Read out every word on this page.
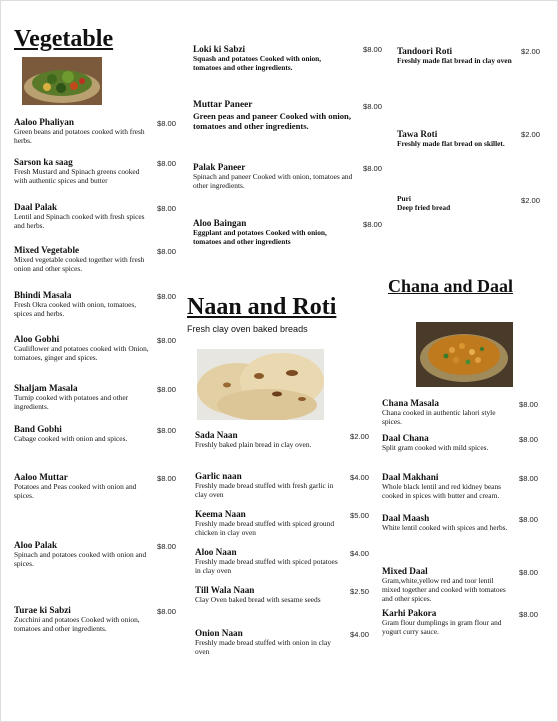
Vegetable
Aaloo Phaliyan
Green beans and potatoes cooked with fresh herbs.
$8.00
Sarson ka saag
Fresh Mustard and Spinach greens cooked with authentic spices and butter
$8.00
Daal Palak
Lentil and Spinach cooked with fresh spices and herbs.
$8.00
Mixed Vegetable
Mixed vegetable cooked together with fresh onion and other spices.
$8.00
Bhindi Masala
Fresh Okra cooked with onion, tomatoes, spices and herbs.
$8.00
Aloo Gobhi
Cauliflower and potatoes cooked with Onion, tomatoes, ginger and spices.
$8.00
Shaljam Masala
Turnip cooked with potatoes and other ingredients.
$8.00
Band Gobhi
Cabage cooked with onion and spices.
$8.00
Aaloo Muttar
Potatoes and Peas cooked with onion and spices.
$8.00
Aloo Palak
Spinach and potatoes cooked with onion and spices.
$8.00
Turae ki Sabzi
Zucchini and potatoes Cooked with onion, tomatoes and other ingredients.
$8.00
Loki ki Sabzi
Squash and potatoes Cooked with onion, tomatoes and other ingredients.
$8.00
Muttar Paneer
Green peas and paneer Cooked with onion, tomatoes and other ingredients.
$8.00
Palak Paneer
Spinach and paneer Cooked with onion, tomatoes and other ingredients.
$8.00
Aloo Baingan
Eggplant and potatoes Cooked with onion, tomatoes and other ingredients
$8.00
Naan and Roti
Fresh clay oven baked breads
Sada Naan
Freshly baked plain bread in clay oven.
$2.00
Garlic naan
Freshly made bread stuffed with fresh garlic in clay oven
$4.00
Keema Naan
Freshly made bread stuffed with spiced ground chicken in clay oven
$5.00
Aloo Naan
Freshly made bread stuffed with spiced potatoes in clay oven
$4.00
Till Wala Naan
Clay Oven baked bread with sesame seeds
$2.50
Onion Naan
Freshly made bread stuffed with onion in clay oven
$4.00
Tandoori Roti
Freshly made flat bread in clay oven
$2.00
Tawa Roti
Freshly made flat bread on skillet.
$2.00
Puri
Deep fried bread
$2.00
Chana and Daal
Chana Masala
Chana cooked in authentic lahori style spices.
$8.00
Daal Chana
Split gram cooked with mild spices.
$8.00
Daal Makhani
Whole black lentil and red kidney beans cooked in spices with butter and cream.
$8.00
Daal Maash
White lentil cooked with spices and herbs.
$8.00
Mixed Daal
Gram,white,yellow red and toor lentil mixed together and cooked with tomatoes and other spices.
$8.00
Karhi Pakora
Gram flour dumplings in gram flour and yogurt curry sauce.
$8.00
